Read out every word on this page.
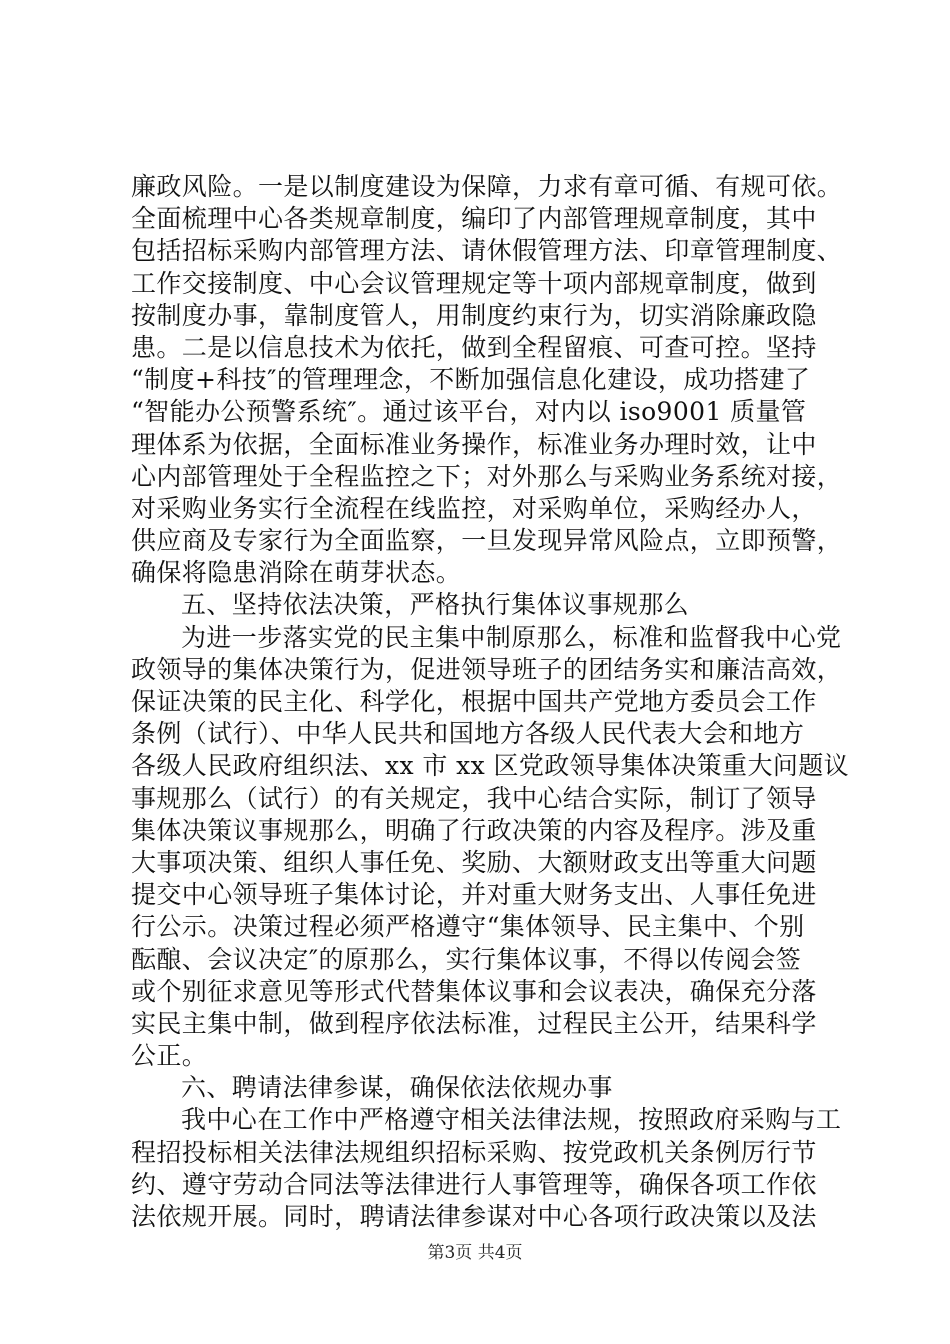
廉政风险。一是以制度建设为保障，力求有章可循、有规可依。
全面梳理中心各类规章制度，编印了内部管理规章制度，其中
包括招标采购内部管理方法、请休假管理方法、印章管理制度、
工作交接制度、中心会议管理规定等十项内部规章制度，做到
按制度办事，靠制度管人，用制度约束行为，切实消除廉政隐
患。二是以信息技术为依托，做到全程留痕、可查可控。坚持
“制度+科技″的管理理念，不断加强信息化建设，成功搭建了
“智能办公预警系统″。通过该平台，对内以 iso9001 质量管
理体系为依据，全面标准业务操作，标准业务办理时效，让中
心内部管理处于全程监控之下；对外那么与采购业务系统对接，
对采购业务实行全流程在线监控，对采购单位，采购经办人，
供应商及专家行为全面监察，一旦发现异常风险点，立即预警，
确保将隐患消除在萌芽状态。
五、坚持依法决策，严格执行集体议事规那么
为进一步落实党的民主集中制原那么，标准和监督我中心党
政领导的集体决策行为，促进领导班子的团结务实和廉洁高效，
保证决策的民主化、科学化，根据中国共产党地方委员会工作
条例（试行）、中华人民共和国地方各级人民代表大会和地方
各级人民政府组织法、xx 市 xx 区党政领导集体决策重大问题议
事规那么（试行）的有关规定，我中心结合实际，制订了领导
集体决策议事规那么，明确了行政决策的内容及程序。涉及重
大事项决策、组织人事任免、奖励、大额财政支出等重大问题
提交中心领导班子集体讨论，并对重大财务支出、人事任免进
行公示。决策过程必须严格遵守“集体领导、民主集中、个别
酝酿、会议决定″的原那么，实行集体议事，不得以传阅会签
或个别征求意见等形式代替集体议事和会议表决，确保充分落
实民主集中制，做到程序依法标准，过程民主公开，结果科学
公正。
六、聘请法律参谋，确保依法依规办事
我中心在工作中严格遵守相关法律法规，按照政府采购与工
程招投标相关法律法规组织招标采购、按党政机关条例厉行节
约、遵守劳动合同法等法律进行人事管理等，确保各项工作依
法依规开展。同时，聘请法律参谋对中心各项行政决策以及法
第3页 共4页
